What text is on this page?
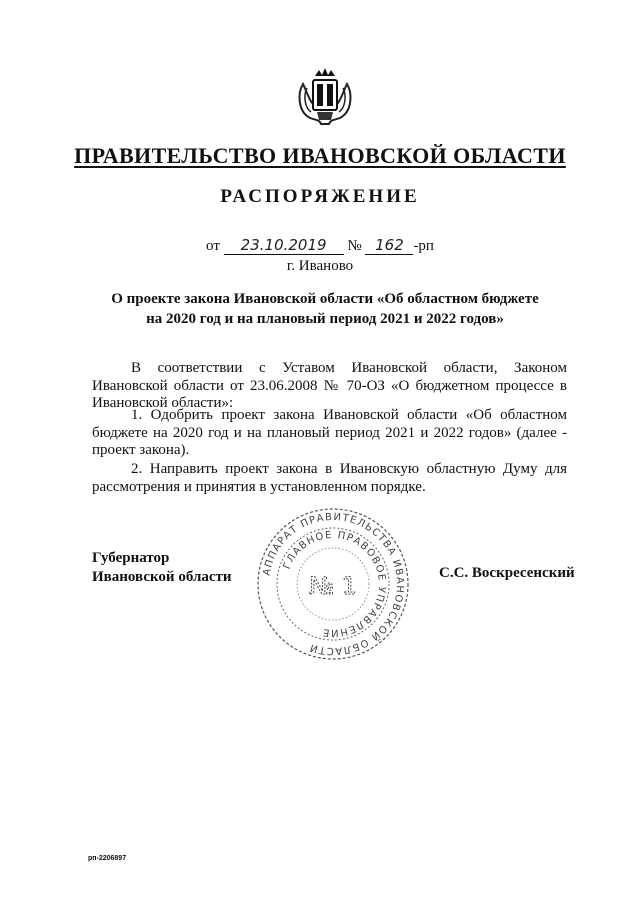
ПРАВИТЕЛЬСТВО ИВАНОВСКОЙ ОБЛАСТИ
РАСПОРЯЖЕНИЕ
от 23.10.2019 № 162 -рп
г. Иваново
О проекте закона Ивановской области «Об областном бюджете
на 2020 год и на плановый период 2021 и 2022 годов»
В соответствии с Уставом Ивановской области, Законом Ивановской области от 23.06.2008 № 70-ОЗ «О бюджетном процессе в Ивановской области»:
1. Одобрить проект закона Ивановской области «Об областном бюджете на 2020 год и на плановый период 2021 и 2022 годов» (далее - проект закона).
2. Направить проект закона в Ивановскую областную Думу для рассмотрения и принятия в установленном порядке.
Губернатор
Ивановской области	АППАРАТ ПРАВИТЕЛЬСТВА ИВАНОВСКОЙ ОБЛАСТИ
ГЛАВНОЕ ПРАВОВОЕ УПРАВЛЕНИЕ
№ 1	С.С. Воскресенский
рп-2206897
